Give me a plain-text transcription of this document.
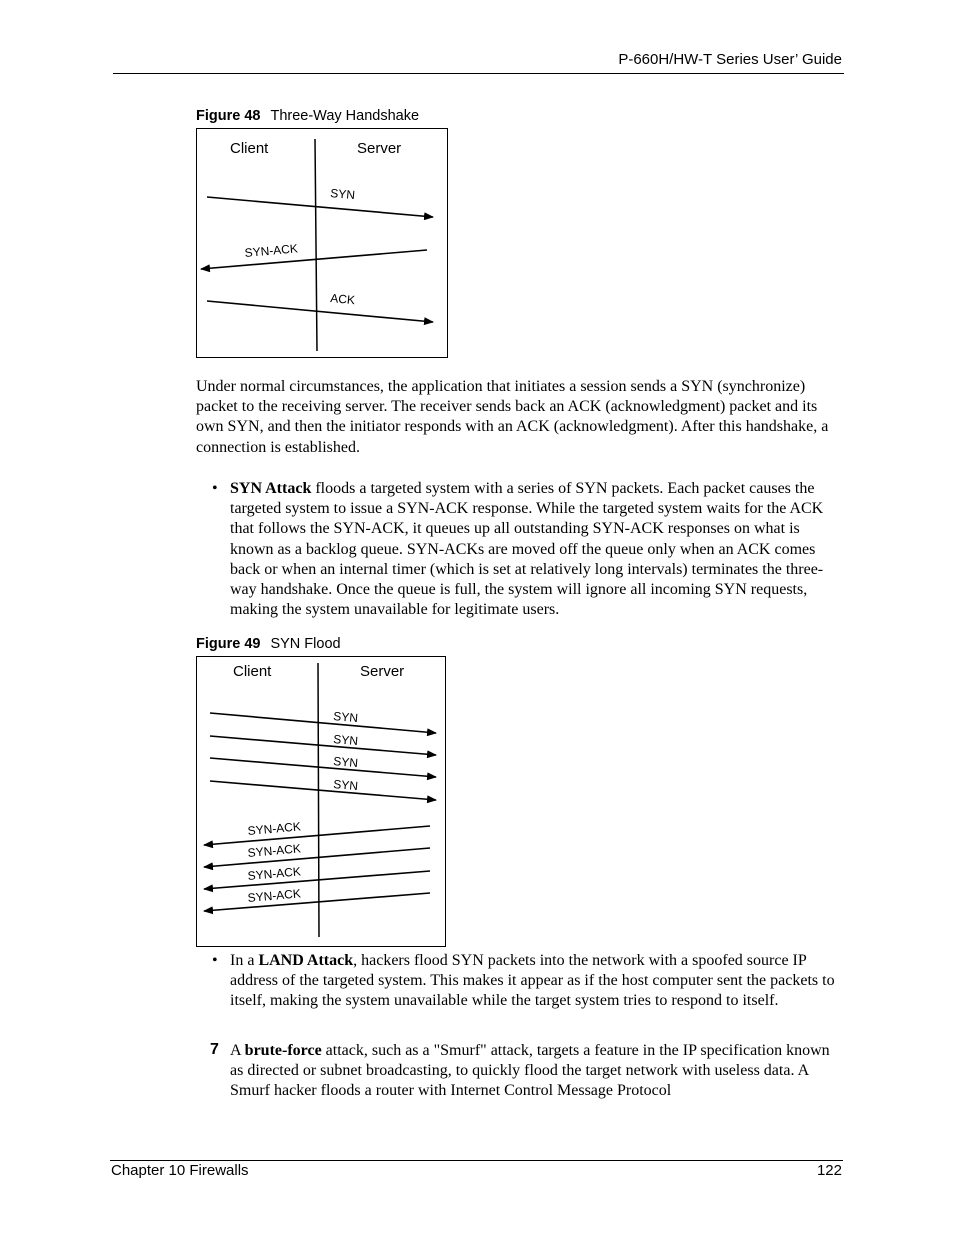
P-660H/HW-T Series User’ Guide
Figure 48 Three-Way Handshake
Client	Server
SYN
SYN-ACK
ACK

Under normal circumstances, the application that initiates a session sends a SYN (synchronize) packet to the receiving server. The receiver sends back an ACK (acknowledgment) packet and its own SYN, and then the initiator responds with an ACK (acknowledgment). After this handshake, a connection is established.

• SYN Attack floods a targeted system with a series of SYN packets. Each packet causes the targeted system to issue a SYN-ACK response. While the targeted system waits for the ACK that follows the SYN-ACK, it queues up all outstanding SYN-ACK responses on what is known as a backlog queue. SYN-ACKs are moved off the queue only when an ACK comes back or when an internal timer (which is set at relatively long intervals) terminates the three-way handshake. Once the queue is full, the system will ignore all incoming SYN requests, making the system unavailable for legitimate users.

Figure 49 SYN Flood
Client	Server
SYN
SYN
SYN
SYN
SYN-ACK
SYN-ACK
SYN-ACK
SYN-ACK

• In a LAND Attack, hackers flood SYN packets into the network with a spoofed source IP address of the targeted system. This makes it appear as if the host computer sent the packets to itself, making the system unavailable while the target system tries to respond to itself.

7 A brute-force attack, such as a "Smurf" attack, targets a feature in the IP specification known as directed or subnet broadcasting, to quickly flood the target network with useless data. A Smurf hacker floods a router with Internet Control Message Protocol

Chapter 10 Firewalls	122
